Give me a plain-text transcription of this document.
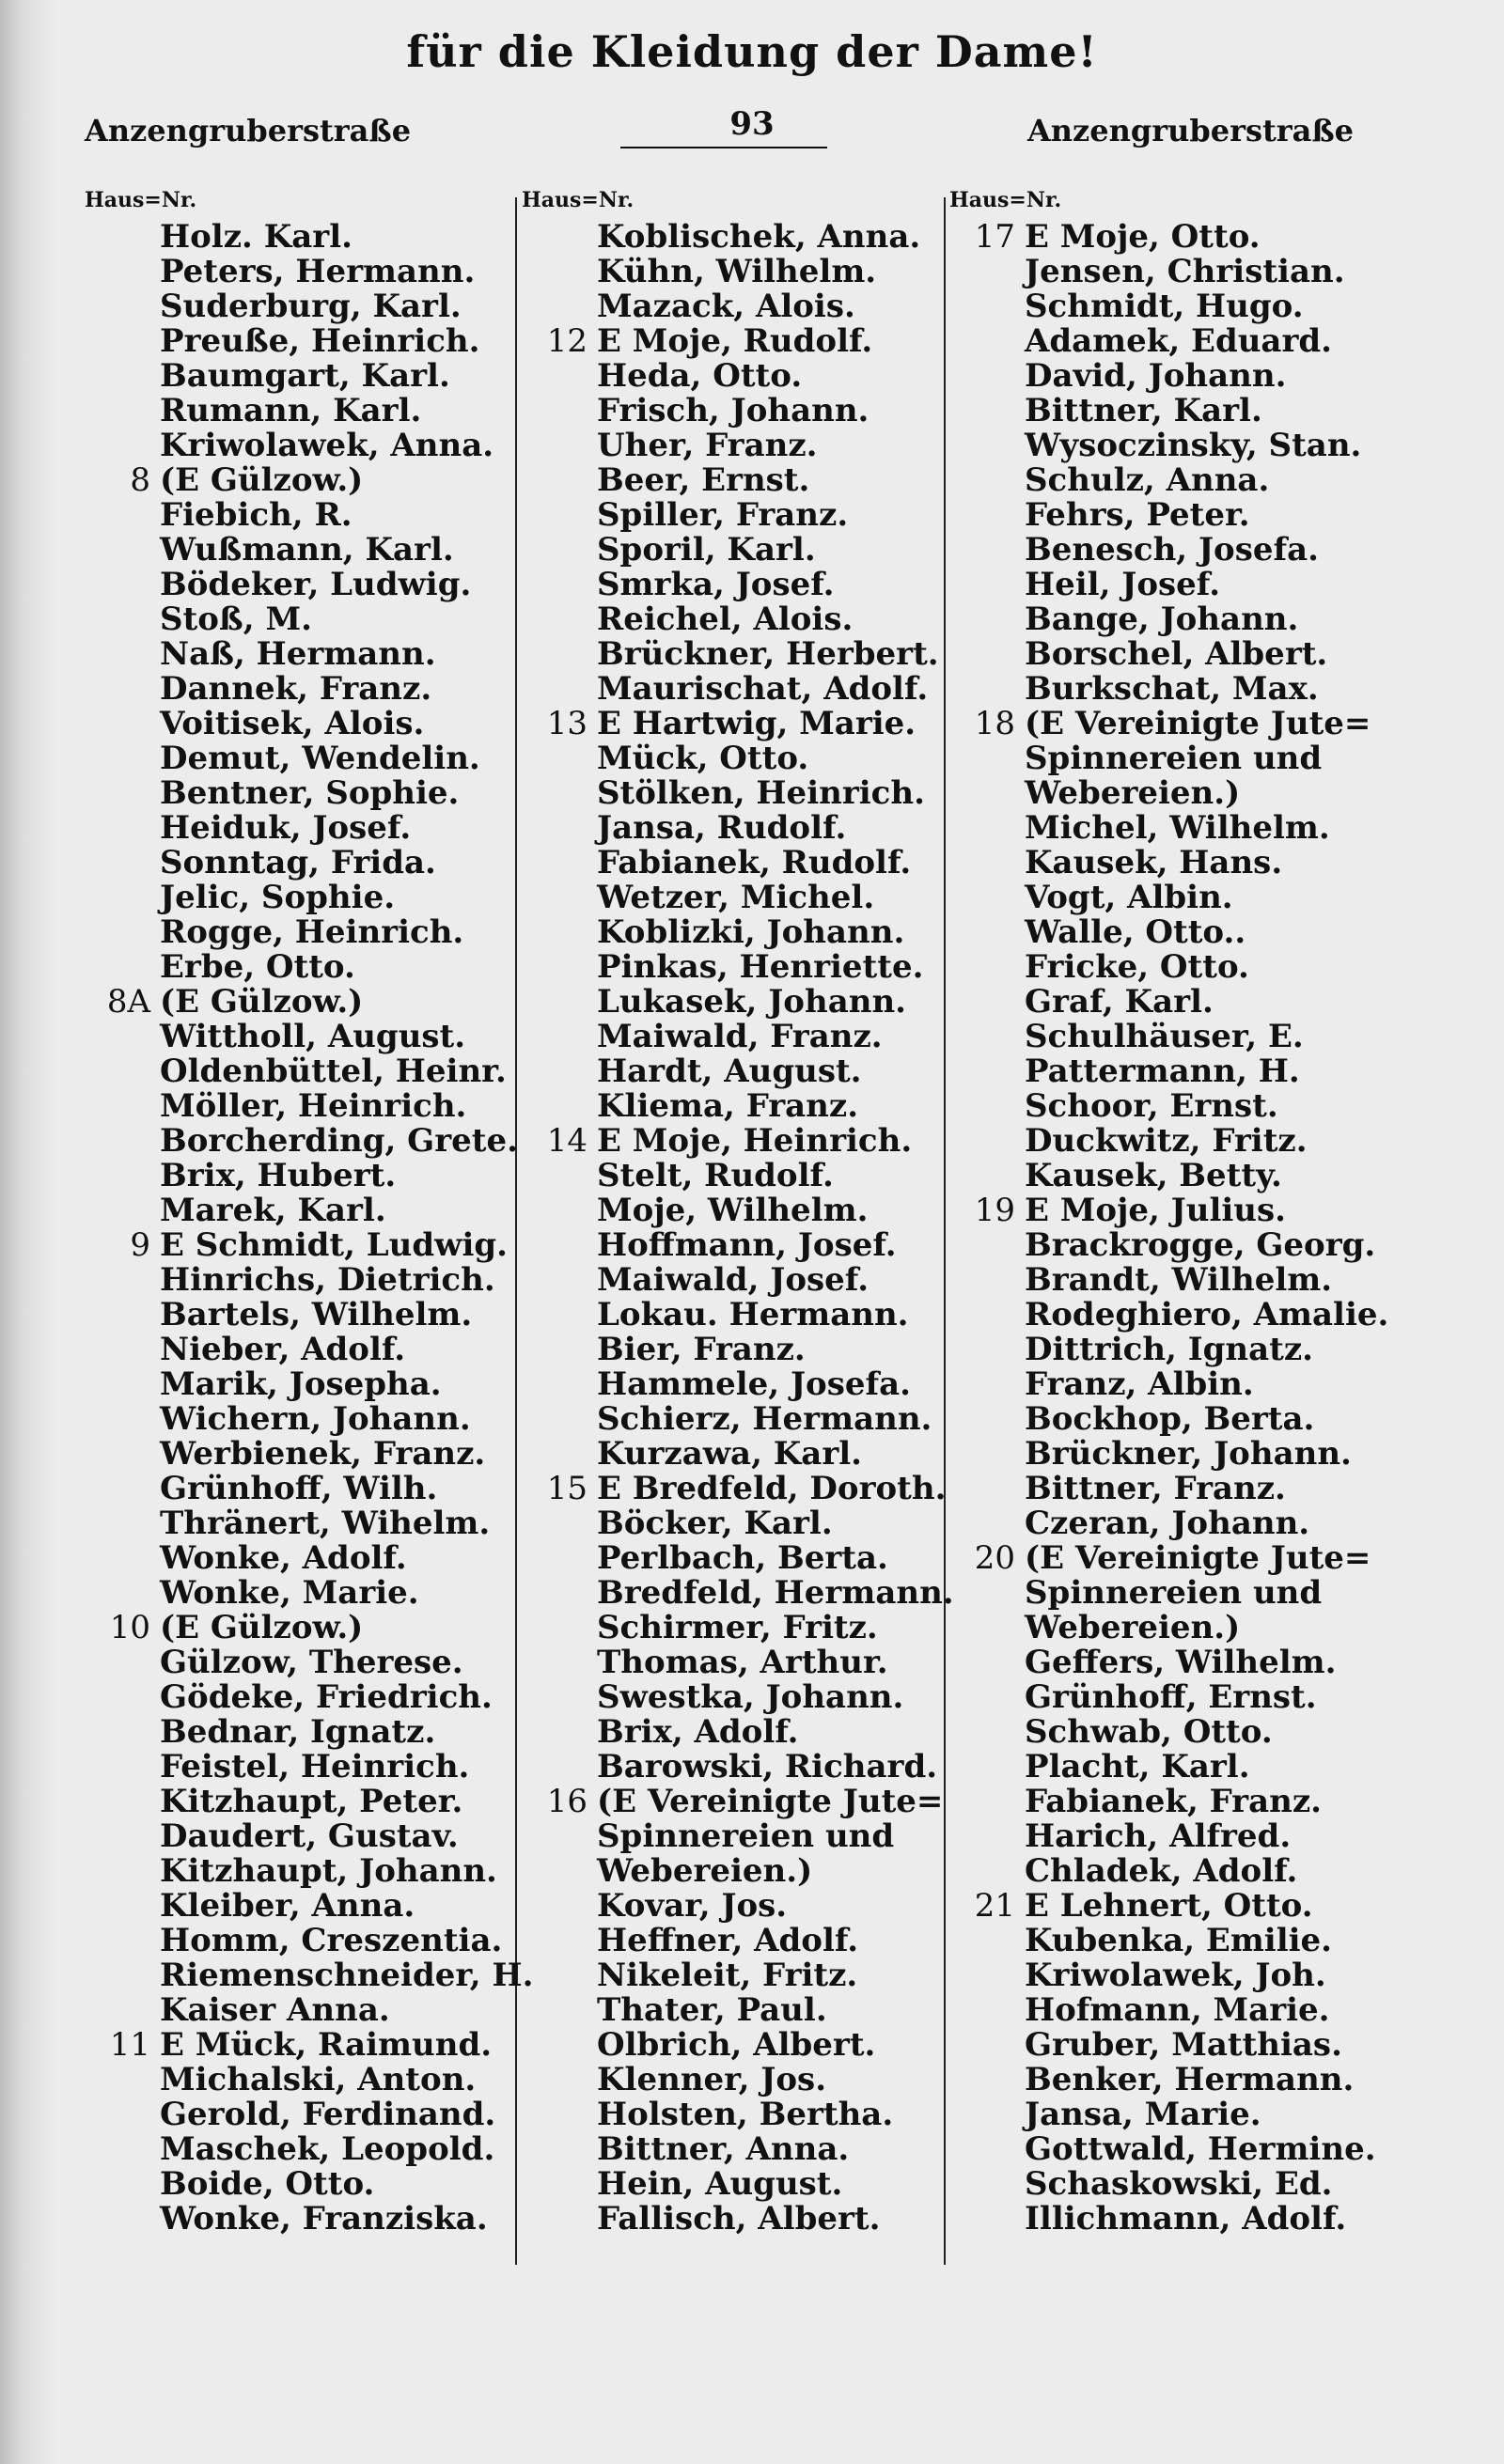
für die Kleidung der Dame!
Anzengruberstraße	93	Anzengruberstraße
Haus=Nr.
Holz. Karl.
Peters, Hermann.
Suderburg, Karl.
Preuße, Heinrich.
Baumgart, Karl.
Rumann, Karl.
Kriwolawek, Anna.
8 (E Gülzow.)
Fiebich, R.
Wußmann, Karl.
Bödeker, Ludwig.
Stoß, M.
Naß, Hermann.
Dannek, Franz.
Voitisek, Alois.
Demut, Wendelin.
Bentner, Sophie.
Heiduk, Josef.
Sonntag, Frida.
Jelic, Sophie.
Rogge, Heinrich.
Erbe, Otto.
8A (E Gülzow.)
Wittholl, August.
Oldenbüttel, Heinr.
Möller, Heinrich.
Borcherding, Grete.
Brix, Hubert.
Marek, Karl.
9 E Schmidt, Ludwig.
Hinrichs, Dietrich.
Bartels, Wilhelm.
Nieber, Adolf.
Marik, Josepha.
Wichern, Johann.
Werbienek, Franz.
Grünhoff, Wilh.
Thränert, Wihelm.
Wonke, Adolf.
Wonke, Marie.
10 (E Gülzow.)
Gülzow, Therese.
Gödeke, Friedrich.
Bednar, Ignatz.
Feistel, Heinrich.
Kitzhaupt, Peter.
Daudert, Gustav.
Kitzhaupt, Johann.
Kleiber, Anna.
Homm, Creszentia.
Riemenschneider, H.
Kaiser Anna.
11 E Mück, Raimund.
Michalski, Anton.
Gerold, Ferdinand.
Maschek, Leopold.
Boide, Otto.
Wonke, Franziska.
Haus=Nr.
Koblischek, Anna.
Kühn, Wilhelm.
Mazack, Alois.
12 E Moje, Rudolf.
Heda, Otto.
Frisch, Johann.
Uher, Franz.
Beer, Ernst.
Spiller, Franz.
Sporil, Karl.
Smrka, Josef.
Reichel, Alois.
Brückner, Herbert.
Maurischat, Adolf.
13 E Hartwig, Marie.
Mück, Otto.
Stölken, Heinrich.
Jansa, Rudolf.
Fabianek, Rudolf.
Wetzer, Michel.
Koblizki, Johann.
Pinkas, Henriette.
Lukasek, Johann.
Maiwald, Franz.
Hardt, August.
Kliema, Franz.
14 E Moje, Heinrich.
Stelt, Rudolf.
Moje, Wilhelm.
Hoffmann, Josef.
Maiwald, Josef.
Lokau. Hermann.
Bier, Franz.
Hammele, Josefa.
Schierz, Hermann.
Kurzawa, Karl.
15 E Bredfeld, Doroth.
Böcker, Karl.
Perlbach, Berta.
Bredfeld, Hermann.
Schirmer, Fritz.
Thomas, Arthur.
Swestka, Johann.
Brix, Adolf.
Barowski, Richard.
16 (E Vereinigte Jute=
Spinnereien und
Webereien.)
Kovar, Jos.
Heffner, Adolf.
Nikeleit, Fritz.
Thater, Paul.
Olbrich, Albert.
Klenner, Jos.
Holsten, Bertha.
Bittner, Anna.
Hein, August.
Fallisch, Albert.
Haus=Nr.
17 E Moje, Otto.
Jensen, Christian.
Schmidt, Hugo.
Adamek, Eduard.
David, Johann.
Bittner, Karl.
Wysoczinsky, Stan.
Schulz, Anna.
Fehrs, Peter.
Benesch, Josefa.
Heil, Josef.
Bange, Johann.
Borschel, Albert.
Burkschat, Max.
18 (E Vereinigte Jute=
Spinnereien und
Webereien.)
Michel, Wilhelm.
Kausek, Hans.
Vogt, Albin.
Walle, Otto..
Fricke, Otto.
Graf, Karl.
Schulhäuser, E.
Pattermann, H.
Schoor, Ernst.
Duckwitz, Fritz.
Kausek, Betty.
19 E Moje, Julius.
Brackrogge, Georg.
Brandt, Wilhelm.
Rodeghiero, Amalie.
Dittrich, Ignatz.
Franz, Albin.
Bockhop, Berta.
Brückner, Johann.
Bittner, Franz.
Czeran, Johann.
20 (E Vereinigte Jute=
Spinnereien und
Webereien.)
Geffers, Wilhelm.
Grünhoff, Ernst.
Schwab, Otto.
Placht, Karl.
Fabianek, Franz.
Harich, Alfred.
Chladek, Adolf.
21 E Lehnert, Otto.
Kubenka, Emilie.
Kriwolawek, Joh.
Hofmann, Marie.
Gruber, Matthias.
Benker, Hermann.
Jansa, Marie.
Gottwald, Hermine.
Schaskowski, Ed.
Illichmann, Adolf.
